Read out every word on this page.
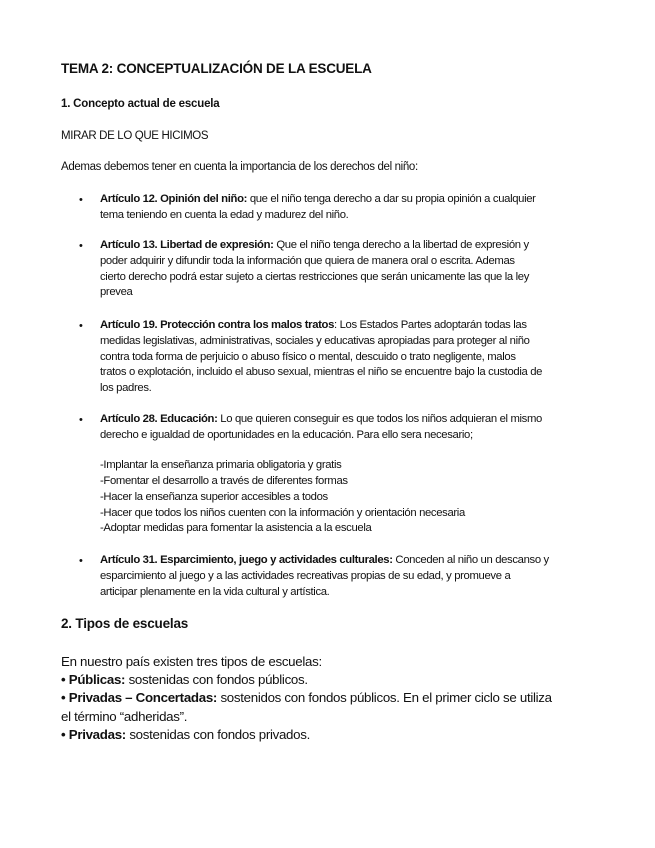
TEMA 2: CONCEPTUALIZACIÓN DE LA ESCUELA
1. Concepto actual de escuela
MIRAR DE LO QUE HICIMOS
Ademas debemos tener en cuenta la importancia de los derechos del niño:
• Artículo 12. Opinión del niño: que el niño tenga derecho a dar su propia opinión a cualquier
tema teniendo en cuenta la edad y madurez del niño.
• Artículo 13. Libertad de expresión: Que el niño tenga derecho a la libertad de expresión y
poder adquirir y difundir toda la información que quiera de manera oral o escrita. Ademas
cierto derecho podrá estar sujeto a ciertas restricciones que serán unicamente las que la ley
prevea
• Artículo 19. Protección contra los malos tratos: Los Estados Partes adoptarán todas las
medidas legislativas, administrativas, sociales y educativas apropiadas para proteger al niño
contra toda forma de perjuicio o abuso físico o mental, descuido o trato negligente, malos
tratos o explotación, incluido el abuso sexual, mientras el niño se encuentre bajo la custodia de
los padres.
• Artículo 28. Educación: Lo que quieren conseguir es que todos los niños adquieran el mismo
derecho e igualdad de oportunidades en la educación. Para ello sera necesario;
-Implantar la enseñanza primaria obligatoria y gratis
-Fomentar el desarrollo a través de diferentes formas
-Hacer la enseñanza superior accesibles a todos
-Hacer que todos los niños cuenten con la información y orientación necesaria
-Adoptar medidas para fomentar la asistencia a la escuela
• Artículo 31. Esparcimiento, juego y actividades culturales: Conceden al niño un descanso y
esparcimiento al juego y a las actividades recreativas propias de su edad, y promueve a
articipar plenamente en la vida cultural y artística.
2. Tipos de escuelas
En nuestro país existen tres tipos de escuelas:
• Públicas: sostenidas con fondos públicos.
• Privadas – Concertadas: sostenidos con fondos públicos. En el primer ciclo se utiliza
el término “adheridas”.
• Privadas: sostenidas con fondos privados.
